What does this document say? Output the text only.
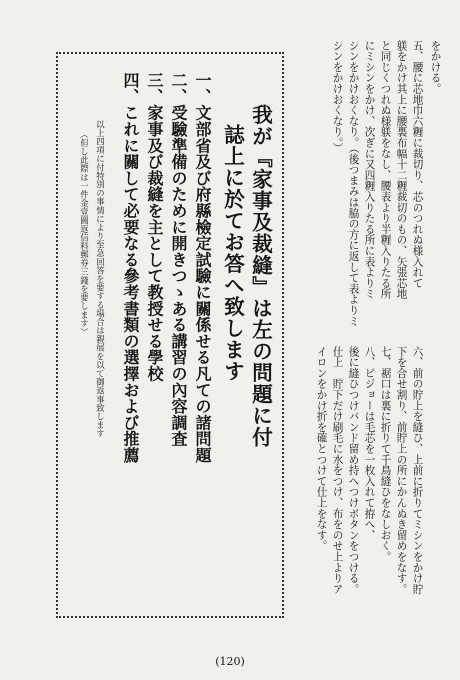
をかける。
五、腰に芯地巾六糎に裁切り、芯のつれぬ様入れて
躾をかけ其上に腰裏布幅十二糎裁切のもの、矢張芯地
と同じくつれぬ様躾をなし、腰表より半糎入りたる所
にミシンをかけ、次ぎに又四糎入りたる所に表よりミ
シンをかけおくなり。（後つまみは脇の方に返して表よりミ
シンをかけおくなり。）
六、前の貯上を縫ひ、上前に折りてミシンをかけ貯
下を合せ割り、前貯上の所にかんぬき留めをなす。
七、裾口は裏に折りて千鳥縫ひをなしおく。
八、ピジョーは毛芯を一枚入れて拵へ、
後に縫ひつけバンド留め持へつけボタンをつける。
仕上　貯下だけ刷毛に水をつけ、布をのせ上よりア
イロンをかけ折を確とつけて仕上をなす。
我が『家事及裁縫』は左の問題に付
誌上に於てお答へ致します
一、文部省及び府縣檢定試驗に關係せる凡ての諸問題
二、受驗準備のために開きつゝある講習の內容調査
三、家事及び裁縫を主として教授せる學校
四、これに關して必要なる參考書類の選擇および推薦
以上四項に付特別の事情により至急回答を要する場合は親展を以て御返事致します
（但し此際は一件金壹圓返信料郵券三錢を要します）
(120)
